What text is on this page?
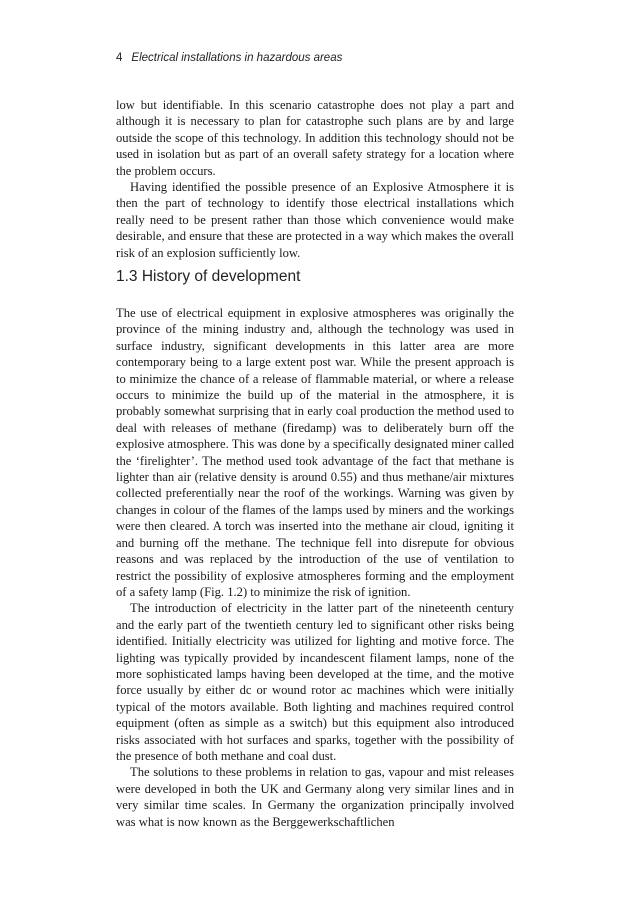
4 Electrical installations in hazardous areas

low but identifiable. In this scenario catastrophe does not play a part and although it is necessary to plan for catastrophe such plans are by and large outside the scope of this technology. In addition this technology should not be used in isolation but as part of an overall safety strategy for a location where the problem occurs.

Having identified the possible presence of an Explosive Atmosphere it is then the part of technology to identify those electrical installations which really need to be present rather than those which convenience would make desirable, and ensure that these are protected in a way which makes the overall risk of an explosion sufficiently low.

1.3 History of development

The use of electrical equipment in explosive atmospheres was originally the province of the mining industry and, although the technology was used in surface industry, significant developments in this latter area are more contemporary being to a large extent post war. While the present approach is to minimize the chance of a release of flammable material, or where a release occurs to minimize the build up of the material in the atmosphere, it is probably somewhat surprising that in early coal production the method used to deal with releases of methane (firedamp) was to deliberately burn off the explosive atmosphere. This was done by a specifically designated miner called the ‘firelighter’. The method used took advantage of the fact that methane is lighter than air (relative density is around 0.55) and thus methane/air mixtures collected preferentially near the roof of the workings. Warning was given by changes in colour of the flames of the lamps used by miners and the workings were then cleared. A torch was inserted into the methane air cloud, igniting it and burning off the methane. The technique fell into disrepute for obvious reasons and was replaced by the introduction of the use of ventilation to restrict the possibility of explosive atmospheres forming and the employment of a safety lamp (Fig. 1.2) to minimize the risk of ignition.

The introduction of electricity in the latter part of the nineteenth century and the early part of the twentieth century led to significant other risks being identified. Initially electricity was utilized for lighting and motive force. The lighting was typically provided by incandescent filament lamps, none of the more sophisticated lamps having been developed at the time, and the motive force usually by either dc or wound rotor ac machines which were initially typical of the motors available. Both lighting and machines required control equipment (often as simple as a switch) but this equipment also introduced risks associated with hot surfaces and sparks, together with the possibility of the presence of both methane and coal dust.

The solutions to these problems in relation to gas, vapour and mist releases were developed in both the UK and Germany along very similar lines and in very similar time scales. In Germany the organization principally involved was what is now known as the Berggewerkschaftlichen
